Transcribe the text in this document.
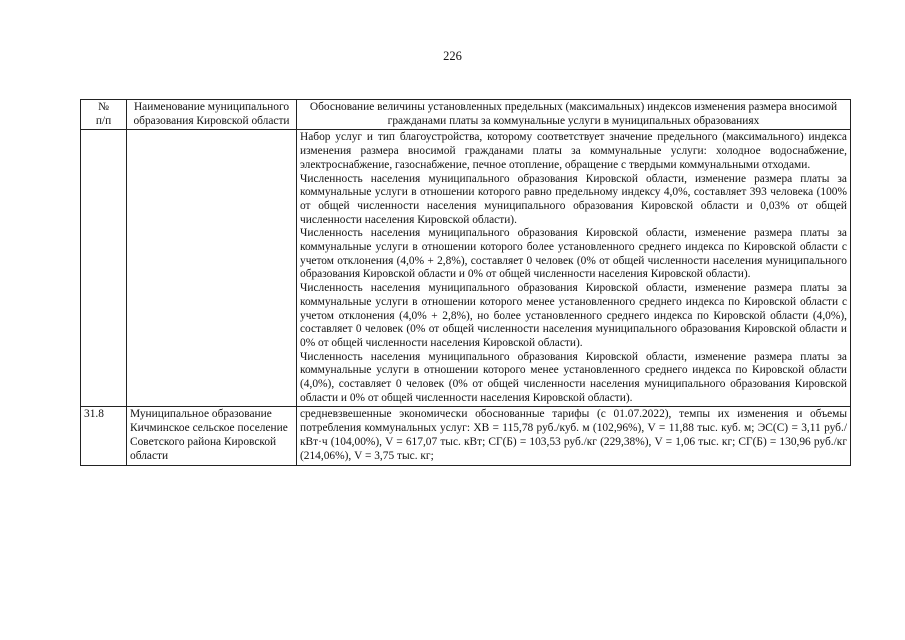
226
№
п/п	Наименование муниципального образования Кировской области	Обоснование величины установленных предельных (максимальных) индексов изменения размера вносимой гражданами платы за коммунальные услуги в муниципальных образованиях

		Набор услуг и тип благоустройства, которому соответствует значение предельного (максимального) индекса изменения размера вносимой гражданами платы за коммунальные услуги: холодное водоснабжение, электроснабжение, газоснабжение, печное отопление, обращение с твердыми коммунальными отходами.

Численность населения муниципального образования Кировской области, изменение размера платы за коммунальные услуги в отношении которого равно предельному индексу 4,0%, составляет 393 человека (100% от общей численности населения муниципального образования Кировской области и 0,03% от общей численности населения Кировской области).

Численность населения муниципального образования Кировской области, изменение размера платы за коммунальные услуги в отношении которого более установленного среднего индекса по Кировской области с учетом отклонения (4,0% + 2,8%), составляет 0 человек (0% от общей численности населения муниципального образования Кировской области и 0% от общей численности населения Кировской области).

Численность населения муниципального образования Кировской области, изменение размера платы за коммунальные услуги в отношении которого менее установленного среднего индекса по Кировской области с учетом отклонения (4,0% + 2,8%), но более установленного среднего индекса по Кировской области (4,0%), составляет 0 человек (0% от общей численности населения муниципального образования Кировской области и 0% от общей численности населения Кировской области).

Численность населения муниципального образования Кировской области, изменение размера платы за коммунальные услуги в отношении которого менее установленного среднего индекса по Кировской области (4,0%), составляет 0 человек (0% от общей численности населения муниципального образования Кировской области и 0% от общей численности населения Кировской области).

31.8	Муниципальное образование Кичминское сельское поселение Советского района Кировской области	средневзвешенные экономически обоснованные тарифы (с 01.07.2022), темпы их изменения и объемы потребления коммунальных услуг: ХВ = 115,78 руб./куб. м (102,96%), V = 11,88 тыс. куб. м; ЭС(С) = 3,11 руб./кВт·ч (104,00%), V = 617,07 тыс. кВт; СГ(Б) = 103,53 руб./кг (229,38%), V = 1,06 тыс. кг; СГ(Б) = 130,96 руб./кг (214,06%), V = 3,75 тыс. кг;
